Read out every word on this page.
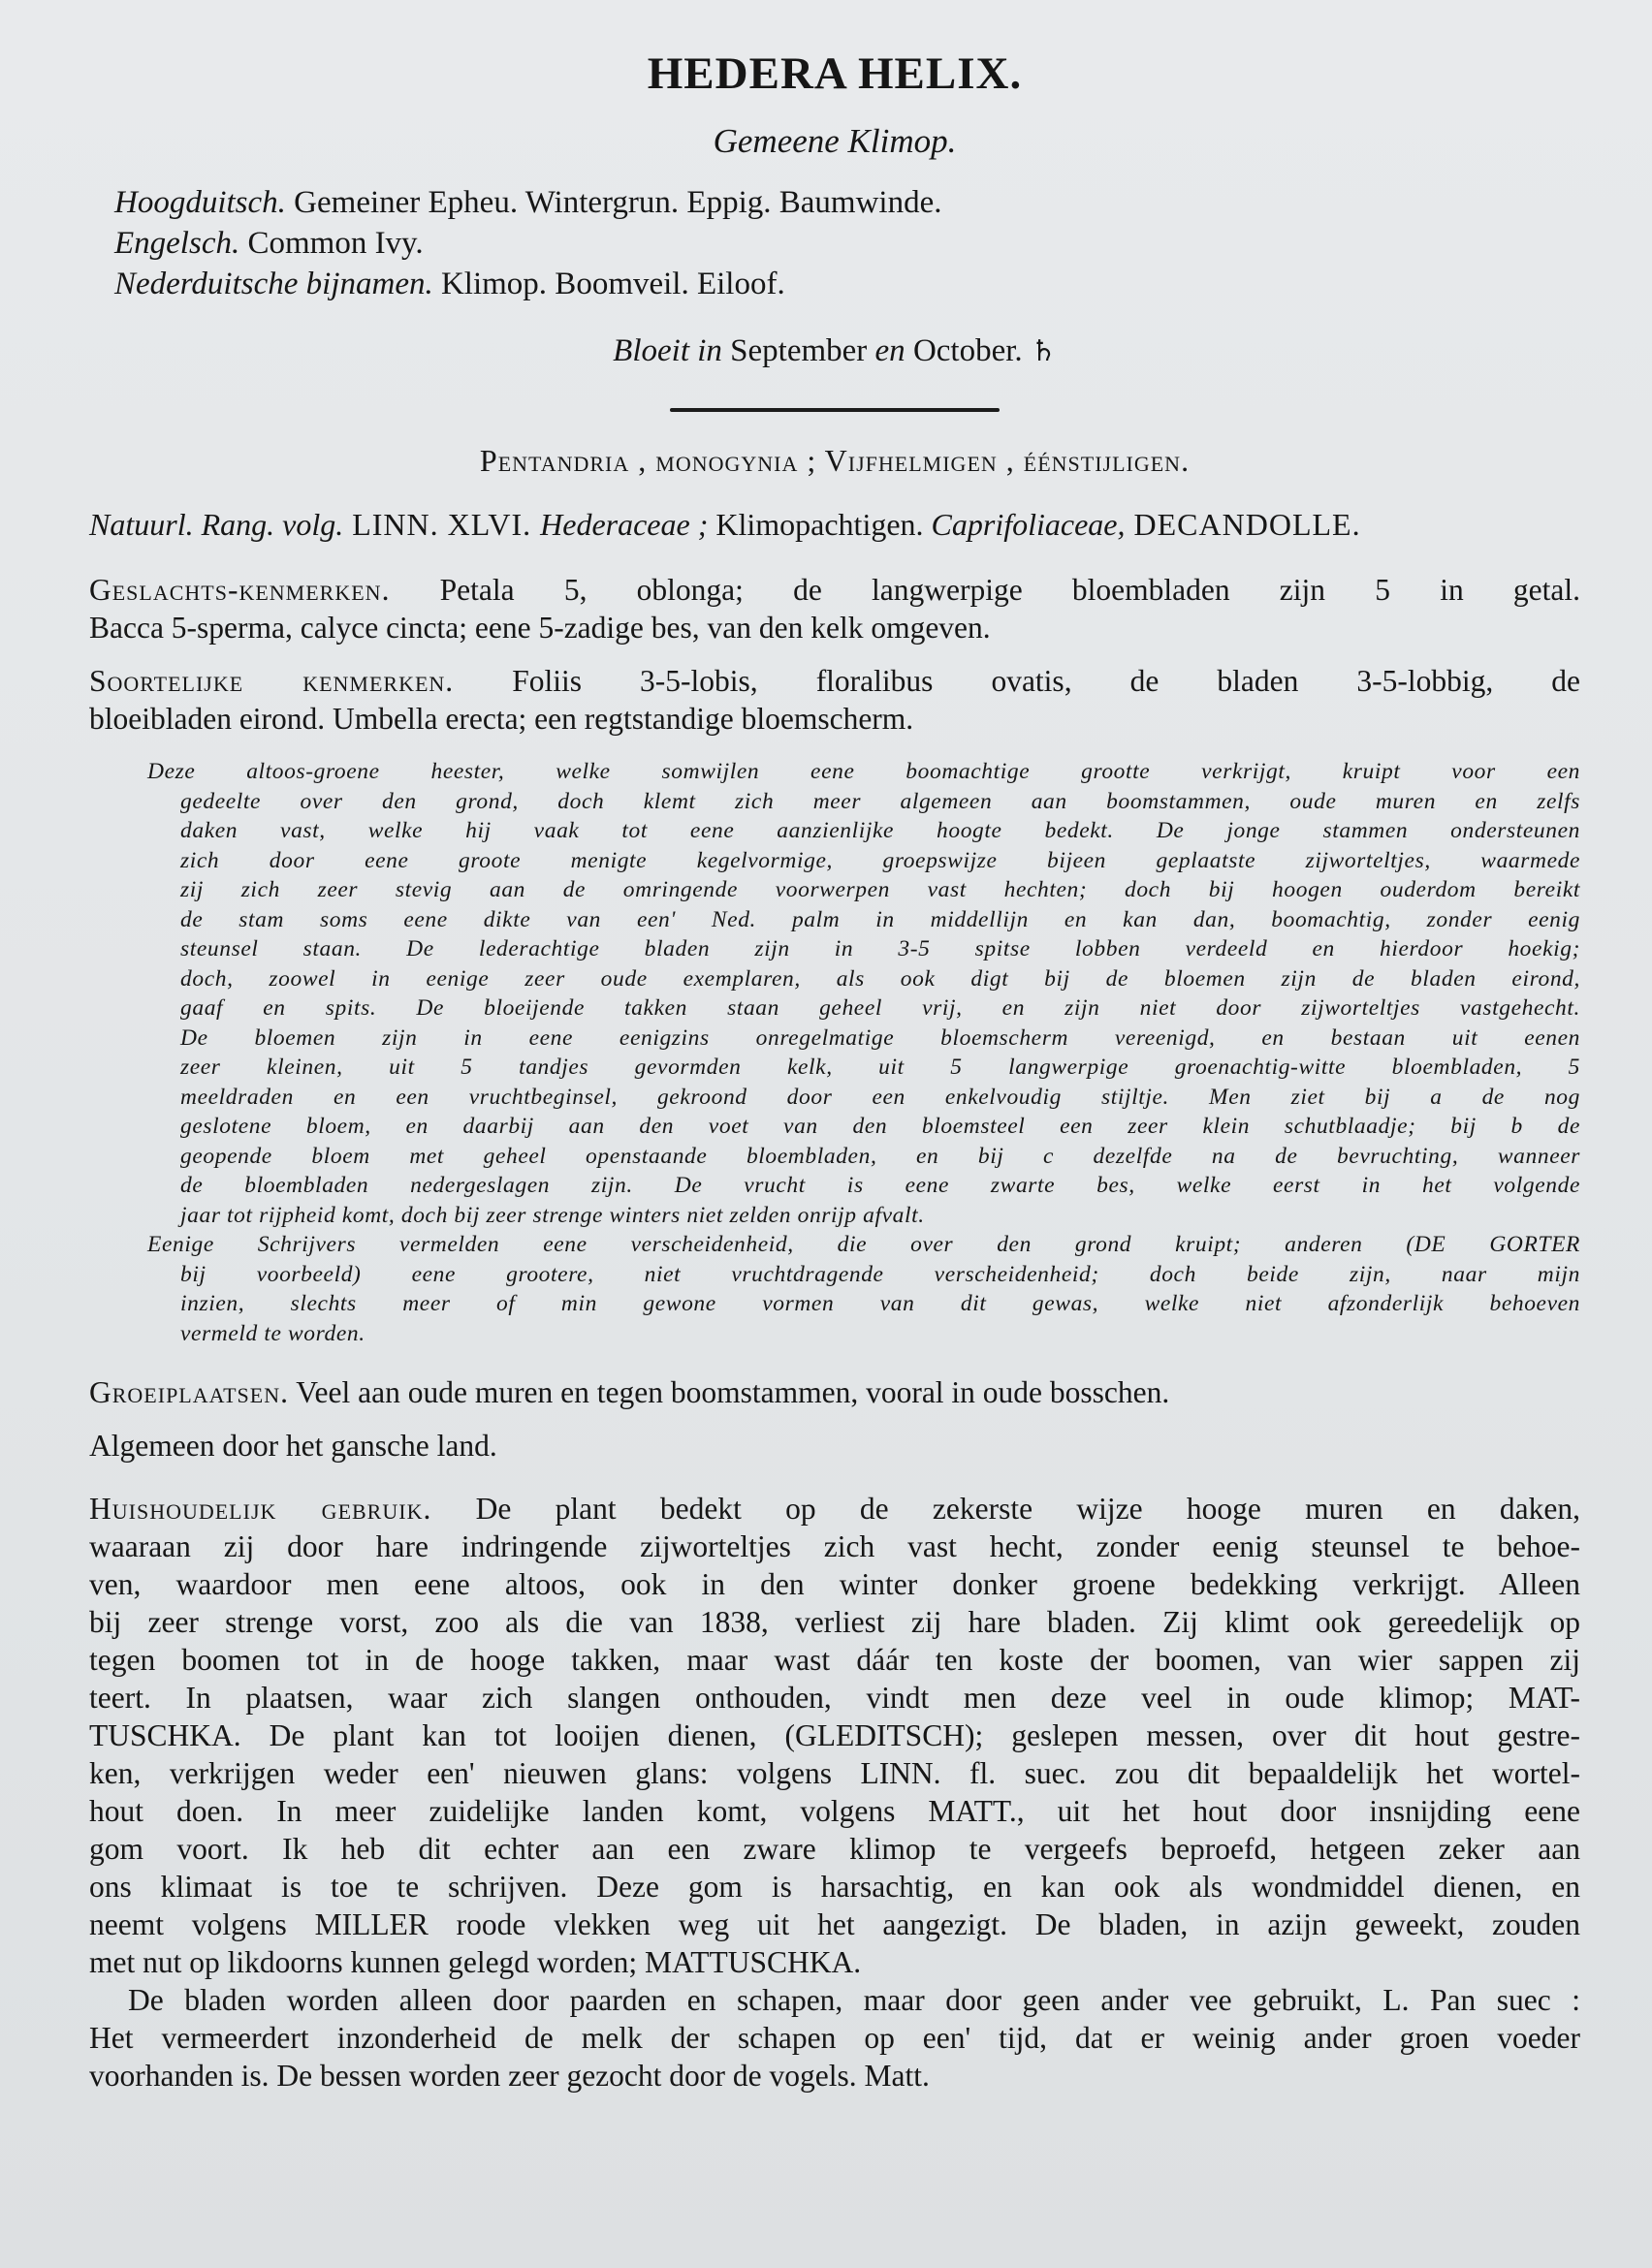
HEDERA HELIX.
Gemeene Klimop.
Hoogduitsch. Gemeiner Epheu. Wintergrun. Eppig. Baumwinde.
Engelsch. Common Ivy.
Nederduitsche bijnamen. Klimop. Boomveil. Eiloof.
Bloeit in September en October. ♄
Pentandria , monogynia ; Vijfhelmigen , éénstijligen.
Natuurl. Rang. volg. LINN. XLVI. Hederaceae ; Klimopachtigen. Caprifoliaceae, DECANDOLLE.
Geslachts-kenmerken. Petala 5, oblonga; de langwerpige bloembladen zijn 5 in getal.
Bacca 5-sperma, calyce cincta; eene 5-zadige bes, van den kelk omgeven.
Soortelijke kenmerken. Foliis 3-5-lobis, floralibus ovatis, de bladen 3-5-lobbig, de
bloeibladen eirond. Umbella erecta; een regtstandige bloemscherm.
Deze altoos-groene heester, welke somwijlen eene boomachtige grootte verkrijgt, kruipt voor een
gedeelte over den grond, doch klemt zich meer algemeen aan boomstammen, oude muren en zelfs
daken vast, welke hij vaak tot eene aanzienlijke hoogte bedekt. De jonge stammen ondersteunen
zich door eene groote menigte kegelvormige, groepswijze bijeen geplaatste zijworteltjes, waarmede
zij zich zeer stevig aan de omringende voorwerpen vast hechten; doch bij hoogen ouderdom bereikt
de stam soms eene dikte van een' Ned. palm in middellijn en kan dan, boomachtig, zonder eenig
steunsel staan. De lederachtige bladen zijn in 3-5 spitse lobben verdeeld en hierdoor hoekig;
doch, zoowel in eenige zeer oude exemplaren, als ook digt bij de bloemen zijn de bladen eirond,
gaaf en spits. De bloeijende takken staan geheel vrij, en zijn niet door zijworteltjes vastgehecht.
De bloemen zijn in eene eenigzins onregelmatige bloemscherm vereenigd, en bestaan uit eenen
zeer kleinen, uit 5 tandjes gevormden kelk, uit 5 langwerpige groenachtig-witte bloembladen, 5
meeldraden en een vruchtbeginsel, gekroond door een enkelvoudig stijltje. Men ziet bij a de nog
geslotene bloem, en daarbij aan den voet van den bloemsteel een zeer klein schutblaadje; bij b de
geopende bloem met geheel openstaande bloembladen, en bij c dezelfde na de bevruchting, wanneer
de bloembladen nedergeslagen zijn. De vrucht is eene zwarte bes, welke eerst in het volgende
jaar tot rijpheid komt, doch bij zeer strenge winters niet zelden onrijp afvalt.
Eenige Schrijvers vermelden eene verscheidenheid, die over den grond kruipt; anderen (DE GORTER
bij voorbeeld) eene grootere, niet vruchtdragende verscheidenheid; doch beide zijn, naar mijn
inzien, slechts meer of min gewone vormen van dit gewas, welke niet afzonderlijk behoeven
vermeld te worden.
Groeiplaatsen. Veel aan oude muren en tegen boomstammen, vooral in oude bosschen.
Algemeen door het gansche land.
Huishoudelijk gebruik. De plant bedekt op de zekerste wijze hooge muren en daken,
waaraan zij door hare indringende zijworteltjes zich vast hecht, zonder eenig steunsel te behoe-
ven, waardoor men eene altoos, ook in den winter donker groene bedekking verkrijgt. Alleen
bij zeer strenge vorst, zoo als die van 1838, verliest zij hare bladen. Zij klimt ook gereedelijk op
tegen boomen tot in de hooge takken, maar wast dáár ten koste der boomen, van wier sappen zij
teert. In plaatsen, waar zich slangen onthouden, vindt men deze veel in oude klimop; MAT-
TUSCHKA. De plant kan tot looijen dienen, (GLEDITSCH); geslepen messen, over dit hout gestre-
ken, verkrijgen weder een' nieuwen glans: volgens LINN. fl. suec. zou dit bepaaldelijk het wortel-
hout doen. In meer zuidelijke landen komt, volgens MATT., uit het hout door insnijding eene
gom voort. Ik heb dit echter aan een zware klimop te vergeefs beproefd, hetgeen zeker aan
ons klimaat is toe te schrijven. Deze gom is harsachtig, en kan ook als wondmiddel dienen, en
neemt volgens MILLER roode vlekken weg uit het aangezigt. De bladen, in azijn geweekt, zouden
met nut op likdoorns kunnen gelegd worden; MATTUSCHKA.
De bladen worden alleen door paarden en schapen, maar door geen ander vee gebruikt, L. Pan suec :
Het vermeerdert inzonderheid de melk der schapen op een' tijd, dat er weinig ander groen voeder
voorhanden is. De bessen worden zeer gezocht door de vogels. Matt.
